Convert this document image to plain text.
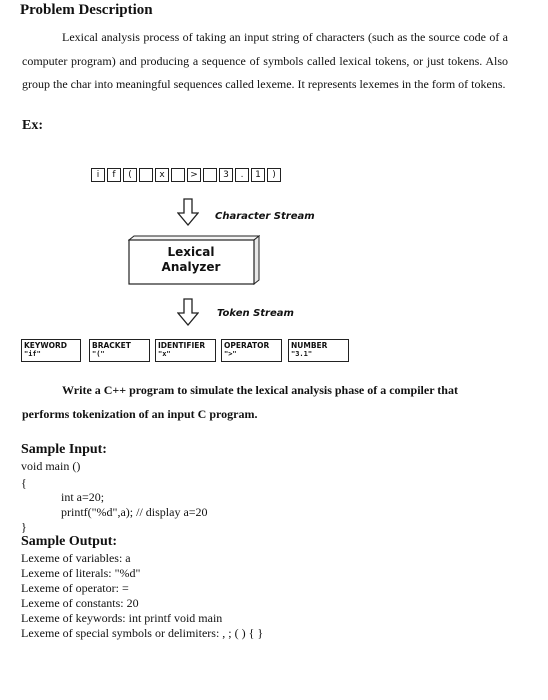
Problem Description
Lexical analysis process of taking an input string of characters (such as the source code of a computer program) and producing a sequence of symbols called lexical tokens, or just tokens. Also group the char into meaningful sequences called lexeme. It represents lexemes in the form of tokens.
Ex:
i	f	(	x	>	3	.	1	)
Character Stream
Lexical
Analyzer
Token Stream
KEYWORD
"if"
BRACKET
"("
IDENTIFIER
"x"
OPERATOR
">"
NUMBER
"3.1"
Write a C++ program to simulate the lexical analysis phase of a compiler that performs tokenization of an input C program.
Sample Input:
void main ()
{
int a=20;
printf("%d",a); // display a=20
}
Sample Output:
Lexeme of variables: a
Lexeme of literals: "%d"
Lexeme of operator: =
Lexeme of constants: 20
Lexeme of keywords: int printf void main
Lexeme of special symbols or delimiters: , ; ( ) { }
